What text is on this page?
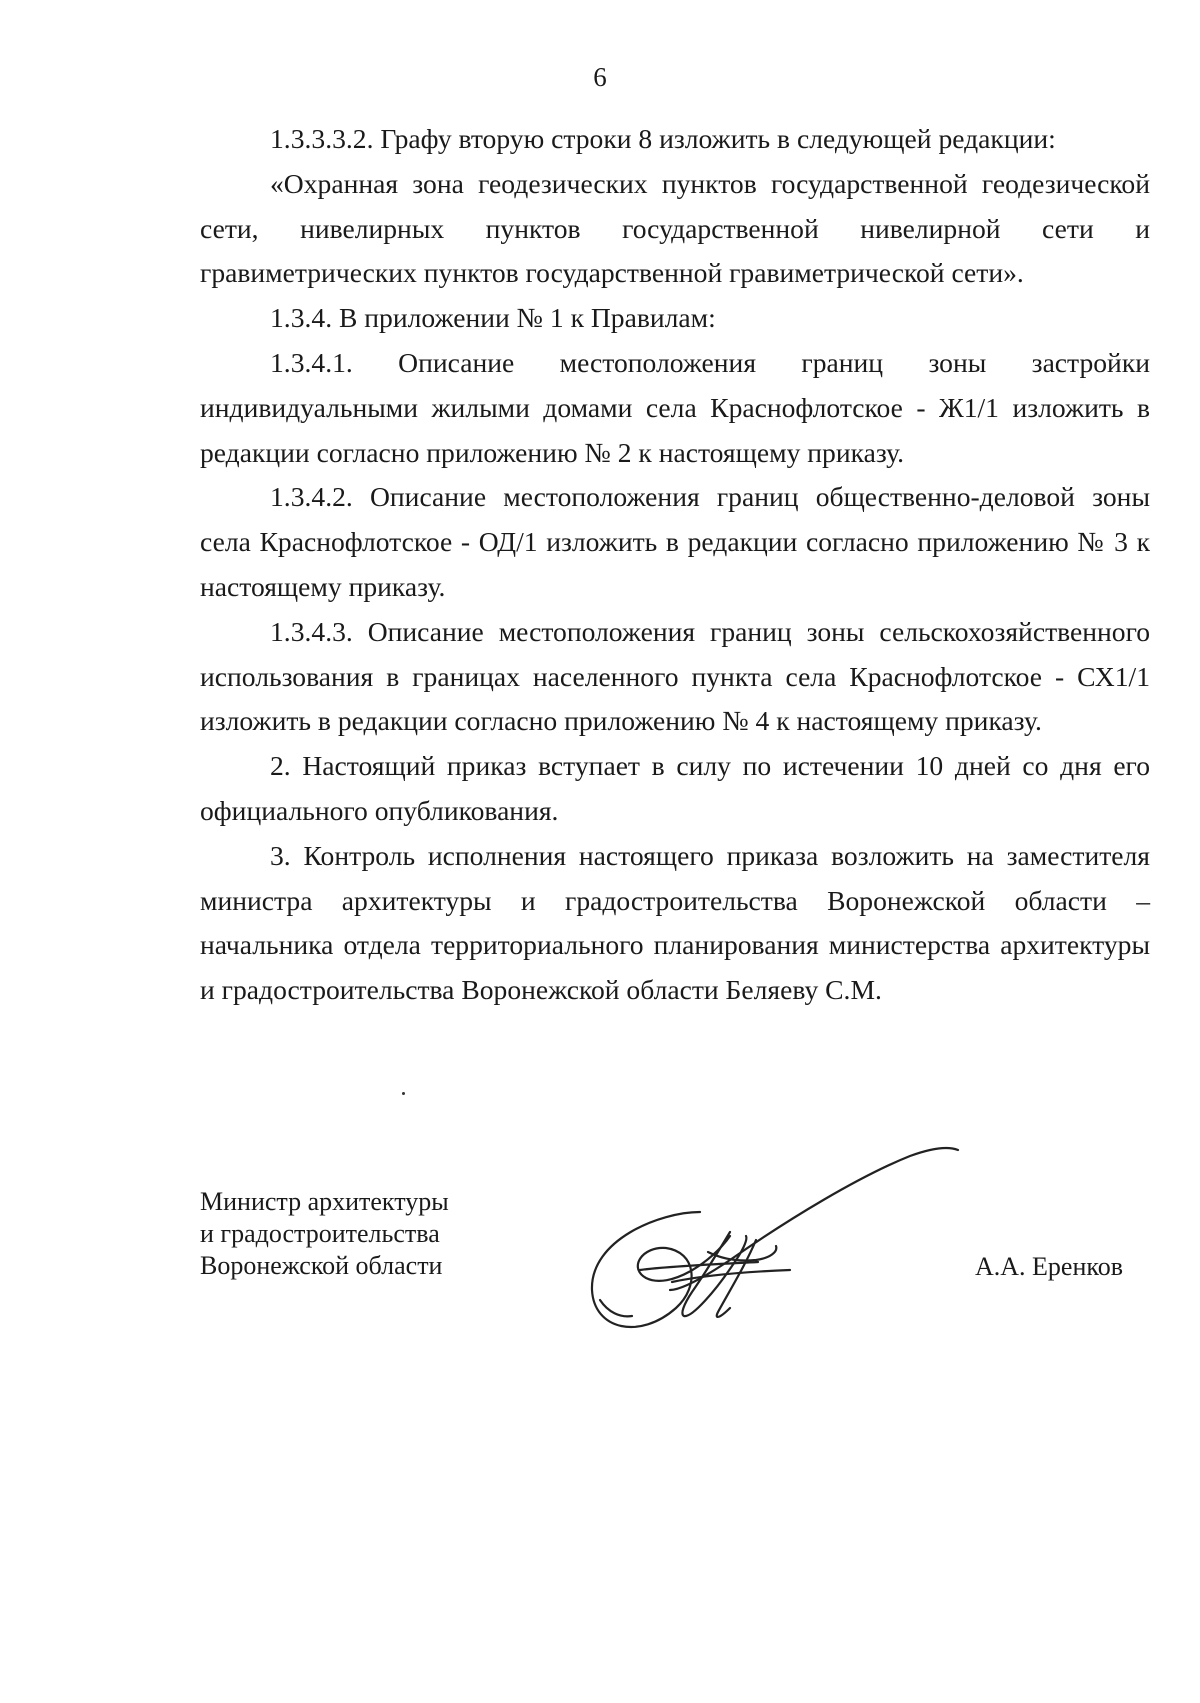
6

1.3.3.3.2. Графу вторую строки 8 изложить в следующей редакции:

«Охранная зона геодезических пунктов государственной геодезической сети, нивелирных пунктов государственной нивелирной сети и гравиметрических пунктов государственной гравиметрической сети».

1.3.4. В приложении № 1 к Правилам:

1.3.4.1. Описание местоположения границ зоны застройки индивидуальными жилыми домами села Краснофлотское - Ж1/1 изложить в редакции согласно приложению № 2 к настоящему приказу.

1.3.4.2. Описание местоположения границ общественно-деловой зоны села Краснофлотское - ОД/1 изложить в редакции согласно приложению № 3 к настоящему приказу.

1.3.4.3. Описание местоположения границ зоны сельскохозяйственного использования в границах населенного пункта села Краснофлотское - СХ1/1 изложить в редакции согласно приложению № 4 к настоящему приказу.

2. Настоящий приказ вступает в силу по истечении 10 дней со дня его официального опубликования.

3. Контроль исполнения настоящего приказа возложить на заместителя министра архитектуры и градостроительства Воронежской области – начальника отдела территориального планирования министерства архитектуры и градостроительства Воронежской области Беляеву С.М.

Министр архитектуры
и градостроительства
Воронежской области	А.А. Еренков
